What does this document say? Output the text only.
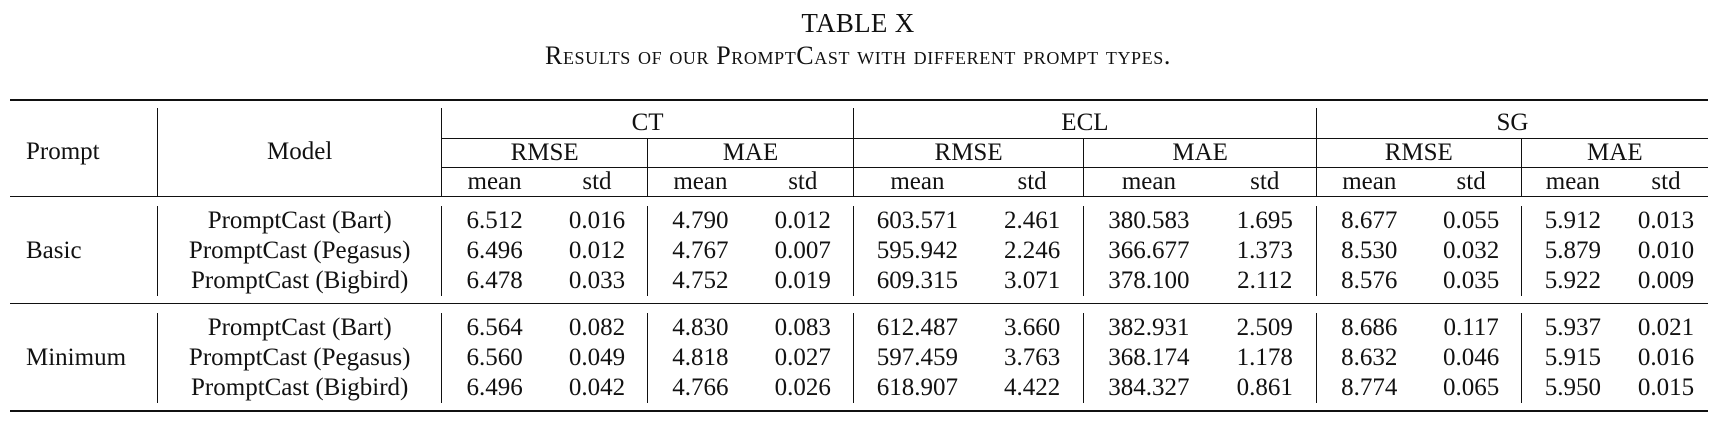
TABLE X
Results of our PromptCast with different prompt types.

Prompt	Model	CT				ECL				SG			
		RMSE		MAE		RMSE		MAE		RMSE		MAE	
		mean	std	mean	std	mean	std	mean	std	mean	std	mean	std

Basic	PromptCast (Bart)	6.512	0.016	4.790	0.012	603.571	2.461	380.583	1.695	8.677	0.055	5.912	0.013
	PromptCast (Pegasus)	6.496	0.012	4.767	0.007	595.942	2.246	366.677	1.373	8.530	0.032	5.879	0.010
	PromptCast (Bigbird)	6.478	0.033	4.752	0.019	609.315	3.071	378.100	2.112	8.576	0.035	5.922	0.009

Minimum	PromptCast (Bart)	6.564	0.082	4.830	0.083	612.487	3.660	382.931	2.509	8.686	0.117	5.937	0.021
	PromptCast (Pegasus)	6.560	0.049	4.818	0.027	597.459	3.763	368.174	1.178	8.632	0.046	5.915	0.016
	PromptCast (Bigbird)	6.496	0.042	4.766	0.026	618.907	4.422	384.327	0.861	8.774	0.065	5.950	0.015
